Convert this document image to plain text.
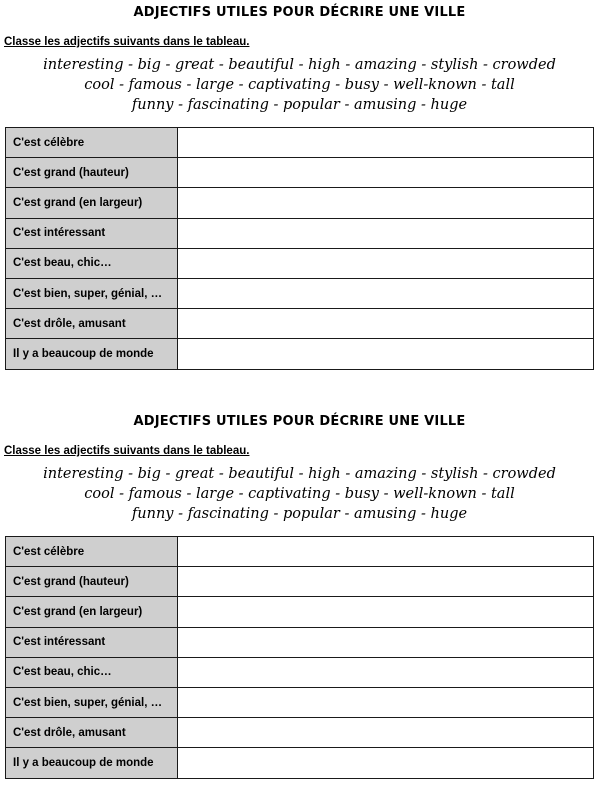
ADJECTIFS UTILES POUR DÉCRIRE UNE VILLE
Classe les adjectifs suivants dans le tableau.
interesting - big - great - beautiful - high - amazing - stylish - crowded
cool - famous - large - captivating - busy - well-known - tall
funny - fascinating - popular - amusing - huge
C'est célèbre	
C'est grand (hauteur)	
C'est grand (en largeur)	
C'est intéressant	
C'est beau, chic…	
C'est bien, super, génial, …	
C'est drôle, amusant	
Il y a beaucoup de monde	
ADJECTIFS UTILES POUR DÉCRIRE UNE VILLE
Classe les adjectifs suivants dans le tableau.
interesting - big - great - beautiful - high - amazing - stylish - crowded
cool - famous - large - captivating - busy - well-known - tall
funny - fascinating - popular - amusing - huge
C'est célèbre	
C'est grand (hauteur)	
C'est grand (en largeur)	
C'est intéressant	
C'est beau, chic…	
C'est bien, super, génial, …	
C'est drôle, amusant	
Il y a beaucoup de monde	
